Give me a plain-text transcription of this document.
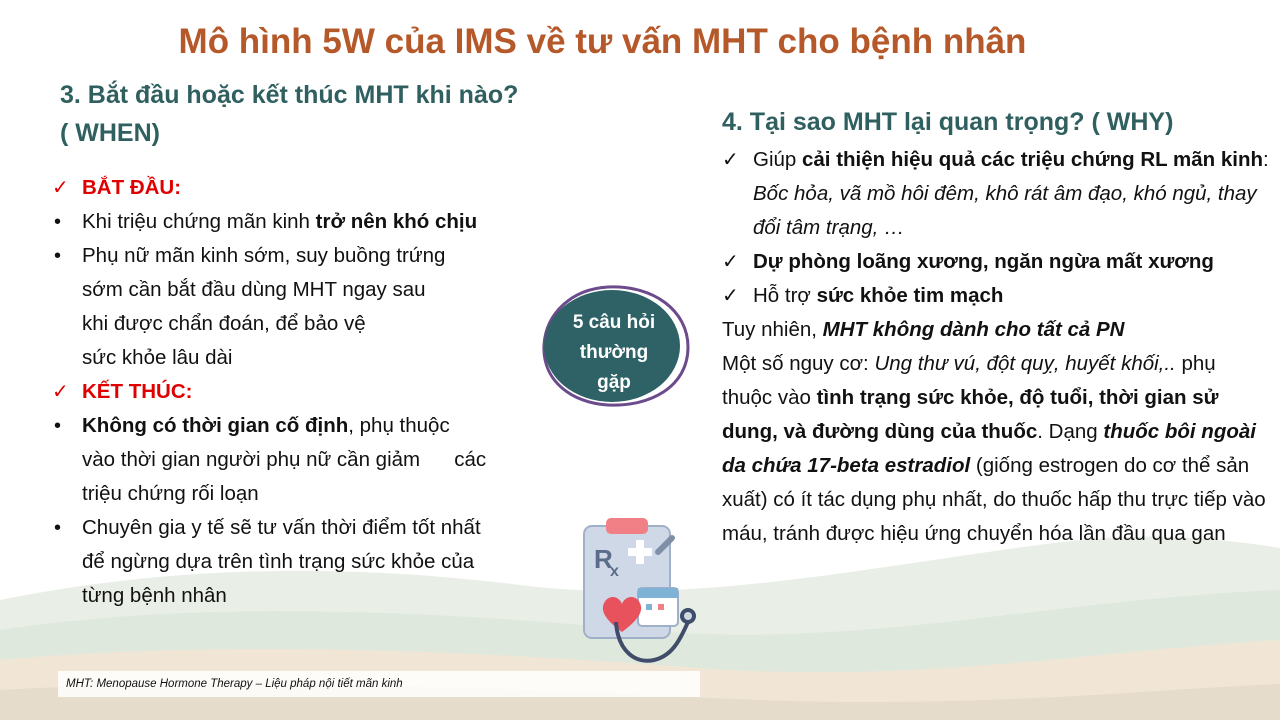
Mô hình 5W của IMS về tư vấn MHT cho bệnh nhân
3. Bắt đầu hoặc kết thúc MHT khi nào?
( WHEN)
✓ BẮT ĐẦU:
•	Khi triệu chứng mãn kinh trở nên khó chịu
•	Phụ nữ mãn kinh sớm, suy buồng trứng
sớm cần bắt đầu dùng MHT ngay sau
khi được chẩn đoán, để bảo vệ
sức khỏe lâu dài
✓ KẾT THÚC:
•	Không có thời gian cố định, phụ thuộc
vào thời gian người phụ nữ cần giảm      các
triệu chứng rối loạn
•	Chuyên gia y tế sẽ tư vấn thời điểm tốt nhất
để ngừng dựa trên tình trạng sức khỏe của
từng bệnh nhân
5 câu hỏi
thường
gặp
R
x
4. Tại sao MHT lại quan trọng? ( WHY)
✓ Giúp cải thiện hiệu quả các triệu chứng RL mãn kinh: Bốc hỏa, vã mồ hôi đêm, khô rát âm đạo, khó ngủ, thay đổi tâm trạng, …
✓ Dự phòng loãng xương, ngăn ngừa mất xương
✓ Hỗ trợ sức khỏe tim mạch
Tuy nhiên, MHT không dành cho tất cả PN
Một số nguy cơ: Ung thư vú, đột quỵ, huyết khối,.. phụ thuộc vào tình trạng sức khỏe, độ tuổi, thời gian sử dung, và đường dùng của thuốc. Dạng thuốc bôi ngoài da chứa 17-beta estradiol (giống estrogen do cơ thể sản xuất) có ít tác dụng phụ nhất, do thuốc hấp thu trực tiếp vào máu, tránh được hiệu ứng chuyển hóa lần đầu qua gan
MHT: Menopause Hormone Therapy – Liệu pháp nội tiết mãn kinh
